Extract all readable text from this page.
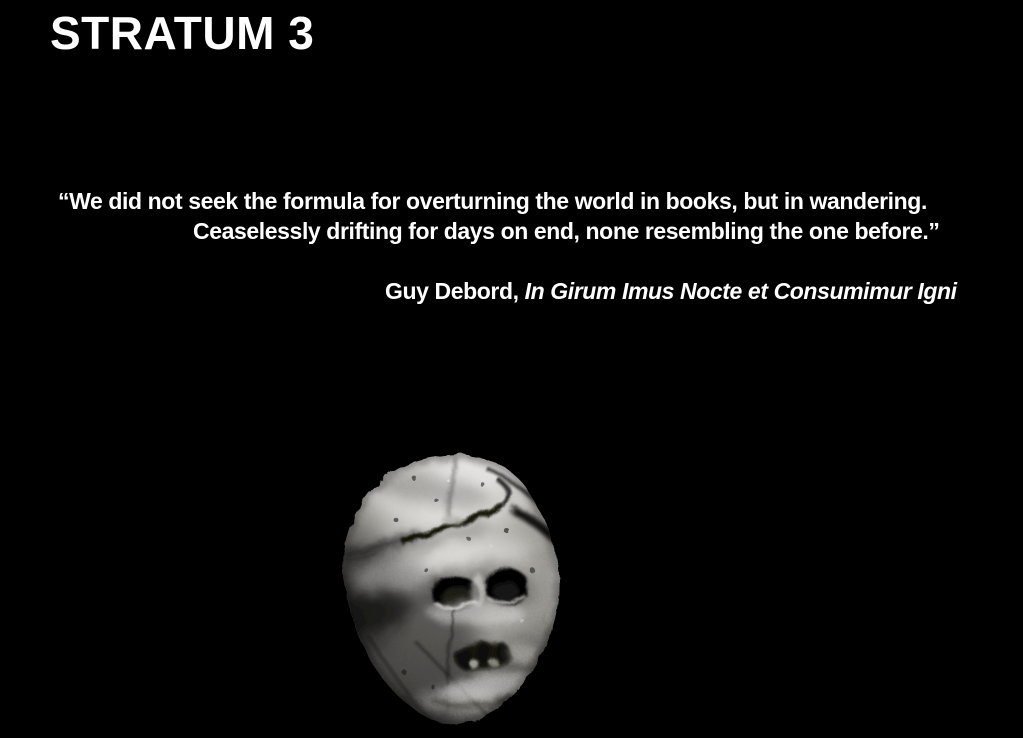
STRATUM 3
“We did not seek the formula for overturning the world in books, but in wandering.
Ceaselessly drifting for days on end, none resembling the one before.”
Guy Debord, In Girum Imus Nocte et Consumimur Igni
